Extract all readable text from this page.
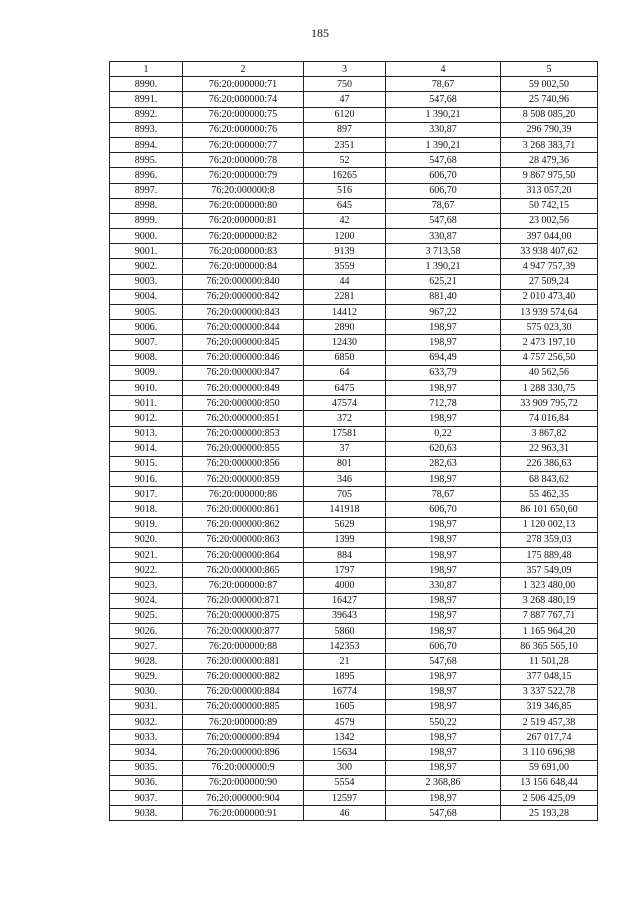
185
1	2	3	4	5
8990.	76:20:000000:71	750	78,67	59 002,50
8991.	76:20:000000:74	47	547,68	25 740,96
8992.	76:20:000000:75	6120	1 390,21	8 508 085,20
8993.	76:20:000000:76	897	330,87	296 790,39
8994.	76:20:000000:77	2351	1 390,21	3 268 383,71
8995.	76:20:000000:78	52	547,68	28 479,36
8996.	76:20:000000:79	16265	606,70	9 867 975,50
8997.	76:20:000000:8	516	606,70	313 057,20
8998.	76:20:000000:80	645	78,67	50 742,15
8999.	76:20:000000:81	42	547,68	23 002,56
9000.	76:20:000000:82	1200	330,87	397 044,00
9001.	76:20:000000:83	9139	3 713,58	33 938 407,62
9002.	76:20:000000:84	3559	1 390,21	4 947 757,39
9003.	76:20:000000:840	44	625,21	27 509,24
9004.	76:20:000000:842	2281	881,40	2 010 473,40
9005.	76:20:000000:843	14412	967,22	13 939 574,64
9006.	76:20:000000:844	2890	198,97	575 023,30
9007.	76:20:000000:845	12430	198,97	2 473 197,10
9008.	76:20:000000:846	6850	694,49	4 757 256,50
9009.	76:20:000000:847	64	633,79	40 562,56
9010.	76:20:000000:849	6475	198,97	1 288 330,75
9011.	76:20:000000:850	47574	712,78	33 909 795,72
9012.	76:20:000000:851	372	198,97	74 016,84
9013.	76:20:000000:853	17581	0,22	3 867,82
9014.	76:20:000000:855	37	620,63	22 963,31
9015.	76:20:000000:856	801	282,63	226 386,63
9016.	76:20:000000:859	346	198,97	68 843,62
9017.	76:20:000000:86	705	78,67	55 462,35
9018.	76:20:000000:861	141918	606,70	86 101 650,60
9019.	76:20:000000:862	5629	198,97	1 120 002,13
9020.	76:20:000000:863	1399	198,97	278 359,03
9021.	76:20:000000:864	884	198,97	175 889,48
9022.	76:20:000000:865	1797	198,97	357 549,09
9023.	76:20:000000:87	4000	330,87	1 323 480,00
9024.	76:20:000000:871	16427	198,97	3 268 480,19
9025.	76:20:000000:875	39643	198,97	7 887 767,71
9026.	76:20:000000:877	5860	198,97	1 165 964,20
9027.	76:20:000000:88	142353	606,70	86 365 565,10
9028.	76:20:000000:881	21	547,68	11 501,28
9029.	76:20:000000:882	1895	198,97	377 048,15
9030.	76:20:000000:884	16774	198,97	3 337 522,78
9031.	76:20:000000:885	1605	198,97	319 346,85
9032.	76:20:000000:89	4579	550,22	2 519 457,38
9033.	76:20:000000:894	1342	198,97	267 017,74
9034.	76:20:000000:896	15634	198,97	3 110 696,98
9035.	76:20:000000:9	300	198,97	59 691,00
9036.	76:20:000000:90	5554	2 368,86	13 156 648,44
9037.	76:20:000000:904	12597	198,97	2 506 425,09
9038.	76:20:000000:91	46	547,68	25 193,28
